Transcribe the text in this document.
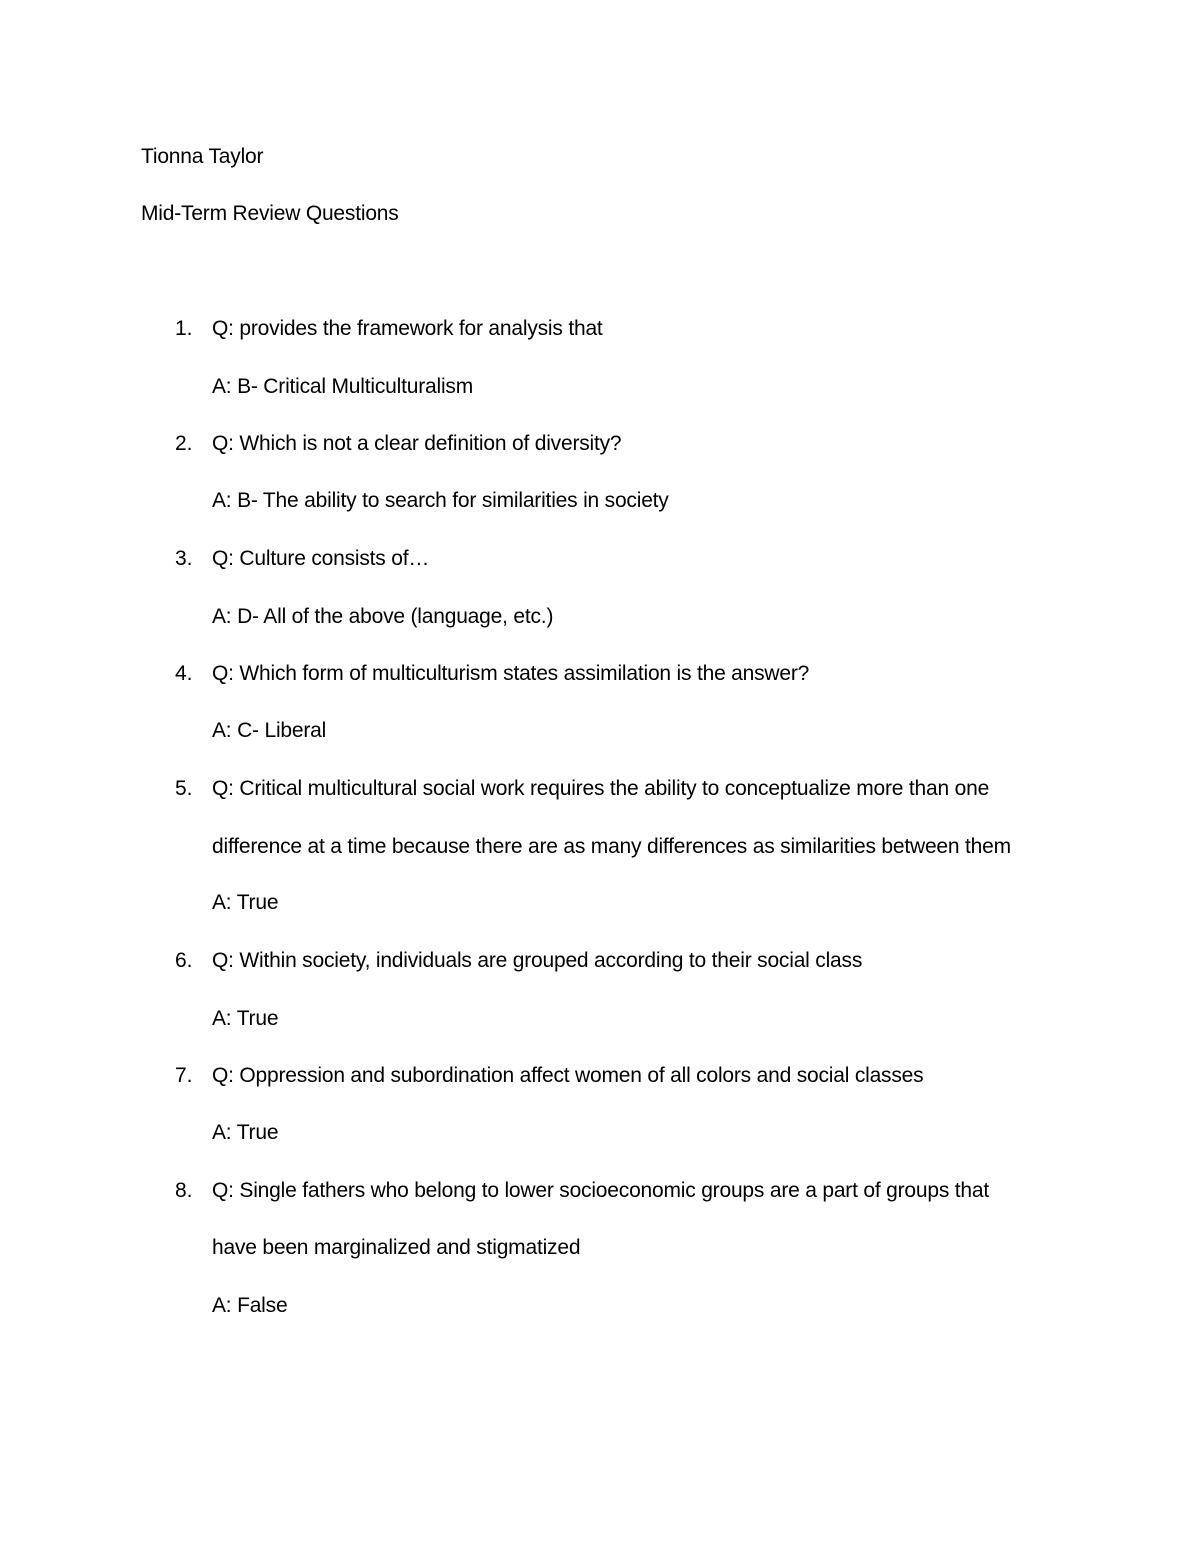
Tionna Taylor
Mid-Term Review Questions
1. Q: provides the framework for analysis that
A: B- Critical Multiculturalism
2. Q: Which is not a clear definition of diversity?
A: B- The ability to search for similarities in society
3. Q: Culture consists of…
A: D- All of the above (language, etc.)
4. Q: Which form of multiculturism states assimilation is the answer?
A: C- Liberal
5. Q: Critical multicultural social work requires the ability to conceptualize more than one
difference at a time because there are as many differences as similarities between them
A: True
6. Q: Within society, individuals are grouped according to their social class
A: True
7. Q: Oppression and subordination affect women of all colors and social classes
A: True
8. Q: Single fathers who belong to lower socioeconomic groups are a part of groups that
have been marginalized and stigmatized
A: False
